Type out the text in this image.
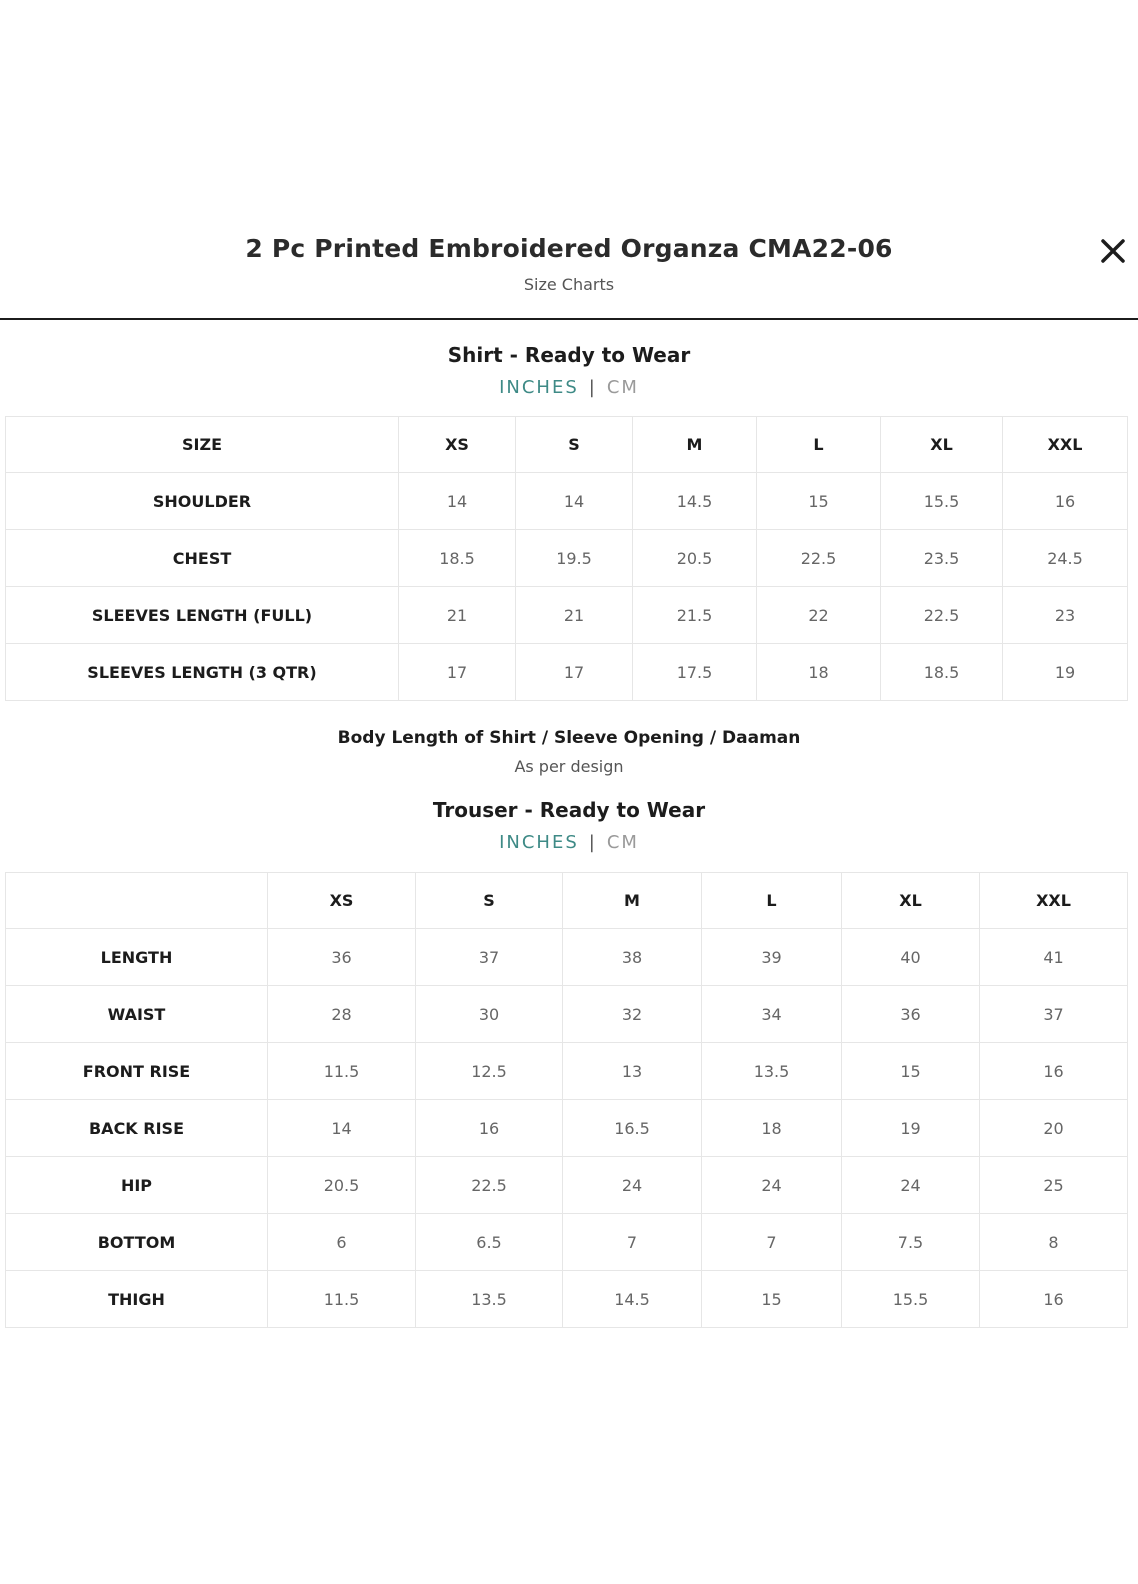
2 Pc Printed Embroidered Organza CMA22-06
Size Charts
Shirt - Ready to Wear
INCHES | CM
SIZE	XS	S	M	L	XL	XXL
SHOULDER	14	14	14.5	15	15.5	16
CHEST	18.5	19.5	20.5	22.5	23.5	24.5
SLEEVES LENGTH (FULL)	21	21	21.5	22	22.5	23
SLEEVES LENGTH (3 QTR)	17	17	17.5	18	18.5	19
Body Length of Shirt / Sleeve Opening / Daaman
As per design
Trouser - Ready to Wear
INCHES | CM
	XS	S	M	L	XL	XXL
LENGTH	36	37	38	39	40	41
WAIST	28	30	32	34	36	37
FRONT RISE	11.5	12.5	13	13.5	15	16
BACK RISE	14	16	16.5	18	19	20
HIP	20.5	22.5	24	24	24	25
BOTTOM	6	6.5	7	7	7.5	8
THIGH	11.5	13.5	14.5	15	15.5	16
